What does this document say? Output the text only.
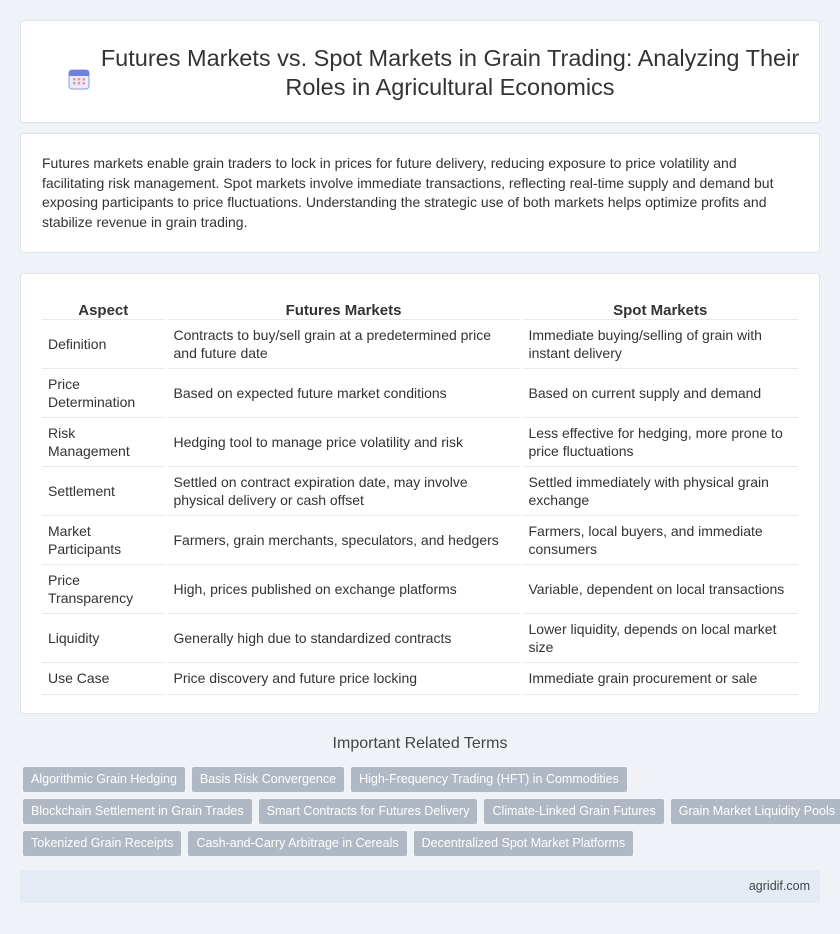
Futures Markets vs. Spot Markets in Grain Trading: Analyzing Their Roles in Agricultural Economics

Futures markets enable grain traders to lock in prices for future delivery, reducing exposure to price volatility and facilitating risk management. Spot markets involve immediate transactions, reflecting real-time supply and demand but exposing participants to price fluctuations. Understanding the strategic use of both markets helps optimize profits and stabilize revenue in grain trading.

Aspect	Futures Markets	Spot Markets
Definition	Contracts to buy/sell grain at a predetermined price and future date	Immediate buying/selling of grain with instant delivery
Price Determination	Based on expected future market conditions	Based on current supply and demand
Risk Management	Hedging tool to manage price volatility and risk	Less effective for hedging, more prone to price fluctuations
Settlement	Settled on contract expiration date, may involve physical delivery or cash offset	Settled immediately with physical grain exchange
Market Participants	Farmers, grain merchants, speculators, and hedgers	Farmers, local buyers, and immediate consumers
Price Transparency	High, prices published on exchange platforms	Variable, dependent on local transactions
Liquidity	Generally high due to standardized contracts	Lower liquidity, depends on local market size
Use Case	Price discovery and future price locking	Immediate grain procurement or sale
Important Related Terms
Algorithmic Grain Hedging	Basis Risk Convergence	High-Frequency Trading (HFT) in Commodities
Blockchain Settlement in Grain Trades	Smart Contracts for Futures Delivery	Climate-Linked Grain Futures	Grain Market Liquidity Pools
Tokenized Grain Receipts	Cash-and-Carry Arbitrage in Cereals	Decentralized Spot Market Platforms
agridif.com
